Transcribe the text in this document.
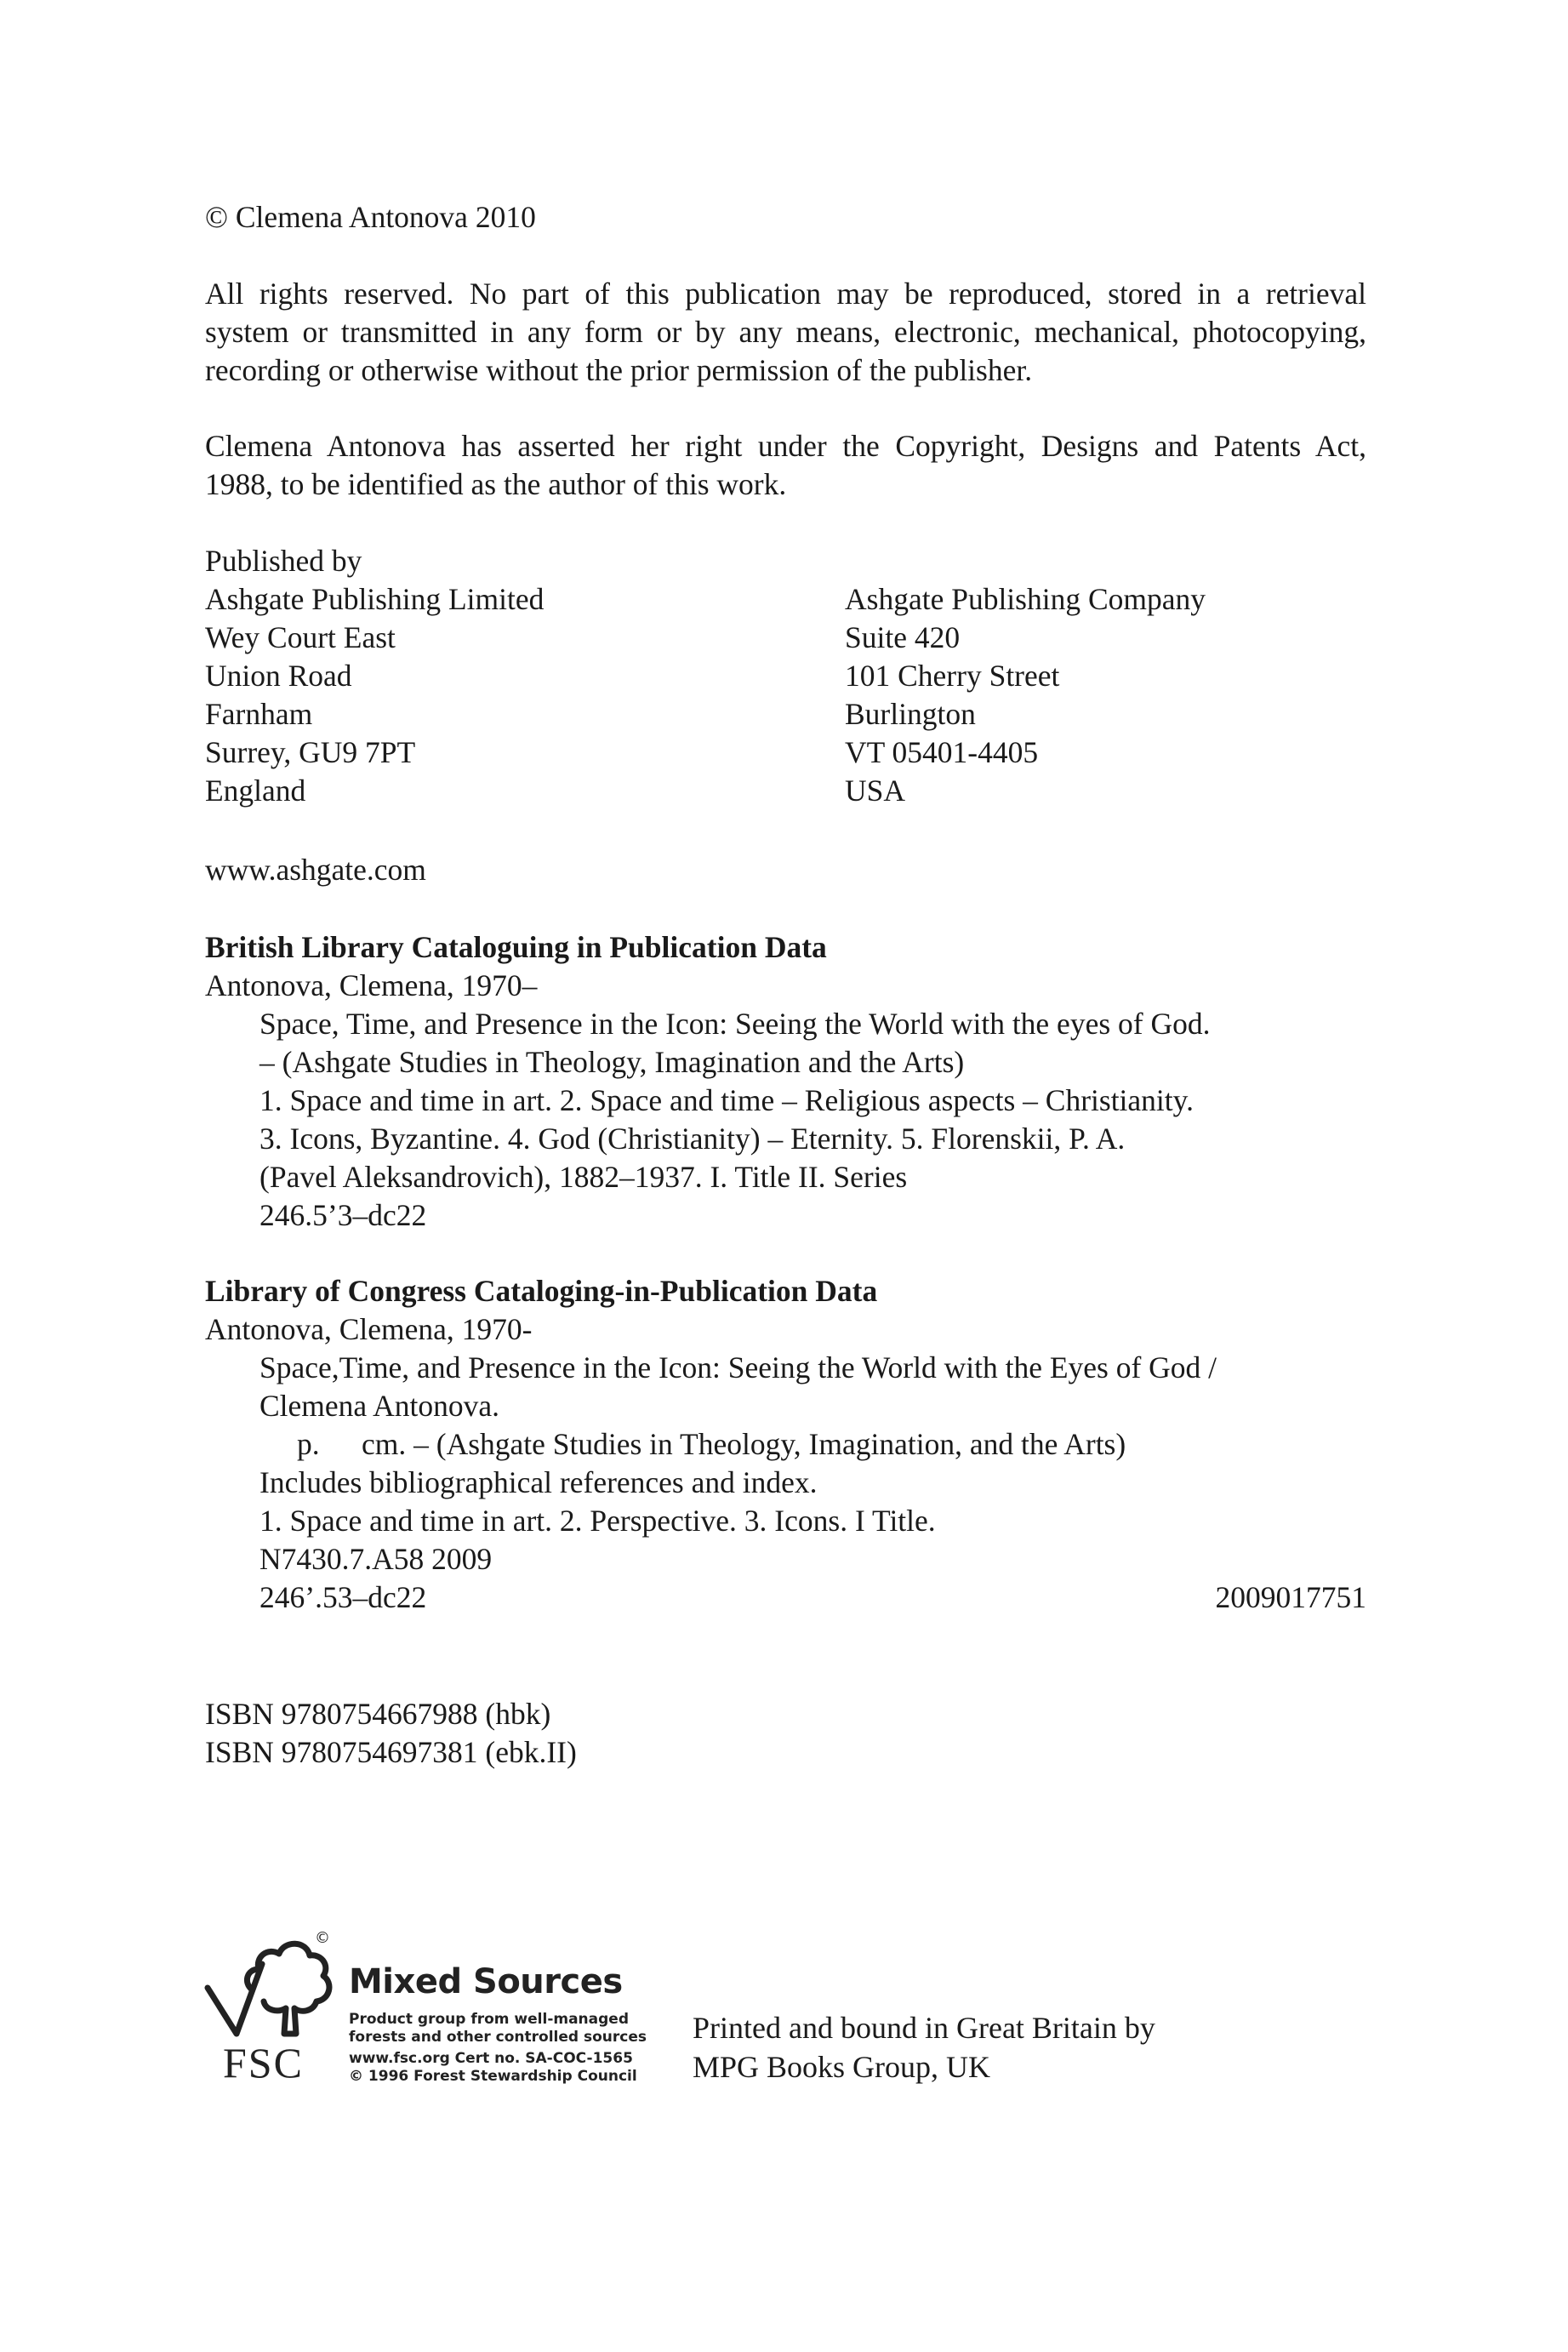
© Clemena Antonova 2010
All rights reserved. No part of this publication may be reproduced, stored in a retrieval
system or transmitted in any form or by any means, electronic, mechanical, photocopying,
recording or otherwise without the prior permission of the publisher.
Clemena Antonova has asserted her right under the Copyright, Designs and Patents Act,
1988, to be identified as the author of this work.
Published by
Ashgate Publishing Limited
Wey Court East
Union Road
Farnham
Surrey, GU9 7PT
England
Ashgate Publishing Company
Suite 420
101 Cherry Street
Burlington
VT 05401-4405
USA
www.ashgate.com
British Library Cataloguing in Publication Data
Antonova, Clemena, 1970–
Space, Time, and Presence in the Icon: Seeing the World with the eyes of God.
– (Ashgate Studies in Theology, Imagination and the Arts)
1. Space and time in art. 2. Space and time – Religious aspects – Christianity.
3. Icons, Byzantine. 4. God (Christianity) – Eternity. 5. Florenskii, P. A.
(Pavel Aleksandrovich), 1882–1937. I. Title II. Series
246.5’3–dc22
Library of Congress Cataloging-in-Publication Data
Antonova, Clemena, 1970-
Space,Time, and Presence in the Icon: Seeing the World with the Eyes of God /
Clemena Antonova.
p. cm. – (Ashgate Studies in Theology, Imagination, and the Arts)
Includes bibliographical references and index.
1. Space and time in art. 2. Perspective. 3. Icons. I Title.
N7430.7.A58 2009
246’.53–dc22	2009017751
ISBN 9780754667988 (hbk)
ISBN 9780754697381 (ebk.II)
©
FSC
Mixed Sources
Product group from well-managed
forests and other controlled sources
www.fsc.org Cert no. SA-COC-1565
© 1996 Forest Stewardship Council
Printed and bound in Great Britain by
MPG Books Group, UK
